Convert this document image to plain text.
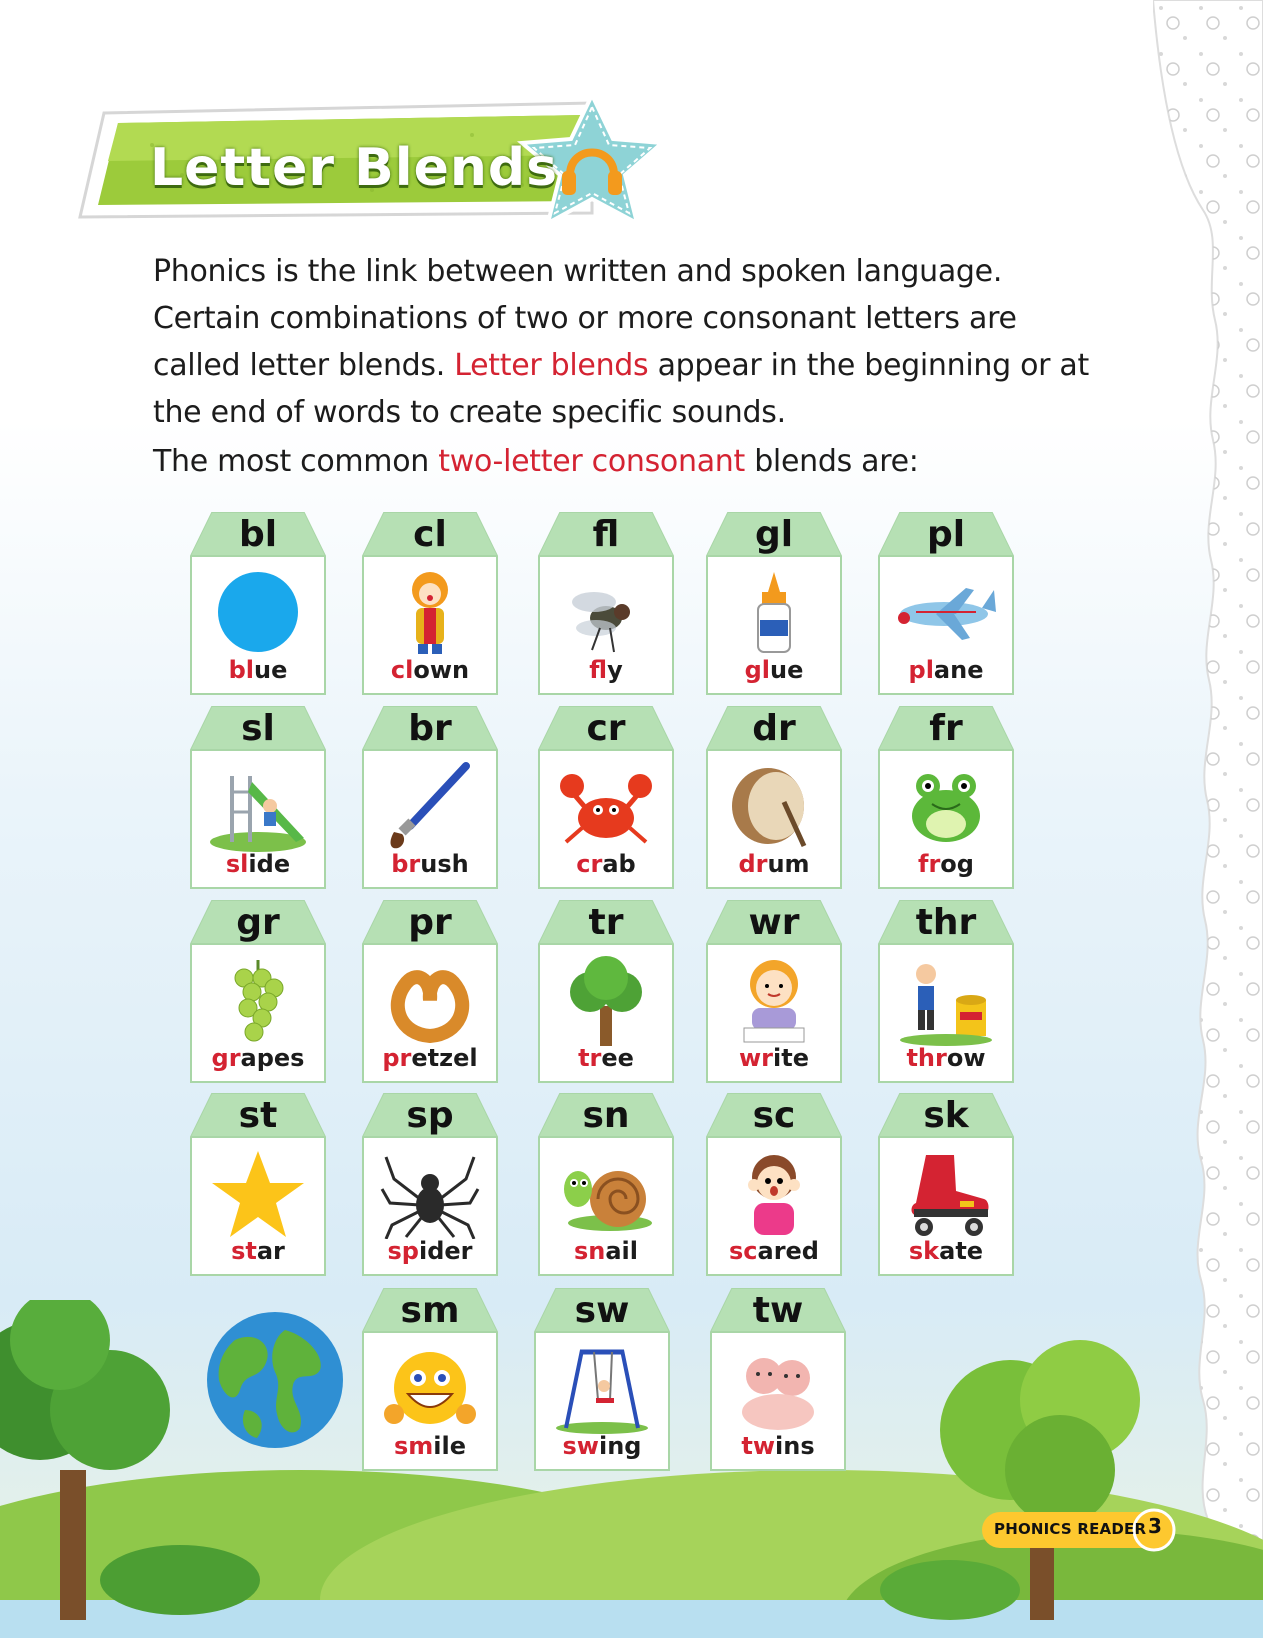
Letter Blends

Phonics is the link between written and spoken language.

Certain combinations of two or more consonant letters are

called letter blends. Letter blends appear in the beginning or at

the end of words to create specific sounds.

The most common two-letter consonant blends are:

bl
blue
cl
clown
fl
fly
gl
glue
pl
plane
sl
slide
br
brush
cr
crab
dr
drum
fr
frog
gr
grapes
pr
pretzel
tr
tree
wr
write
thr
throw
st
star
sp
spider
sn
snail
sc
scared
sk
skate
sm
smile
sw
swing
tw
twins
PHONICS READER 3
